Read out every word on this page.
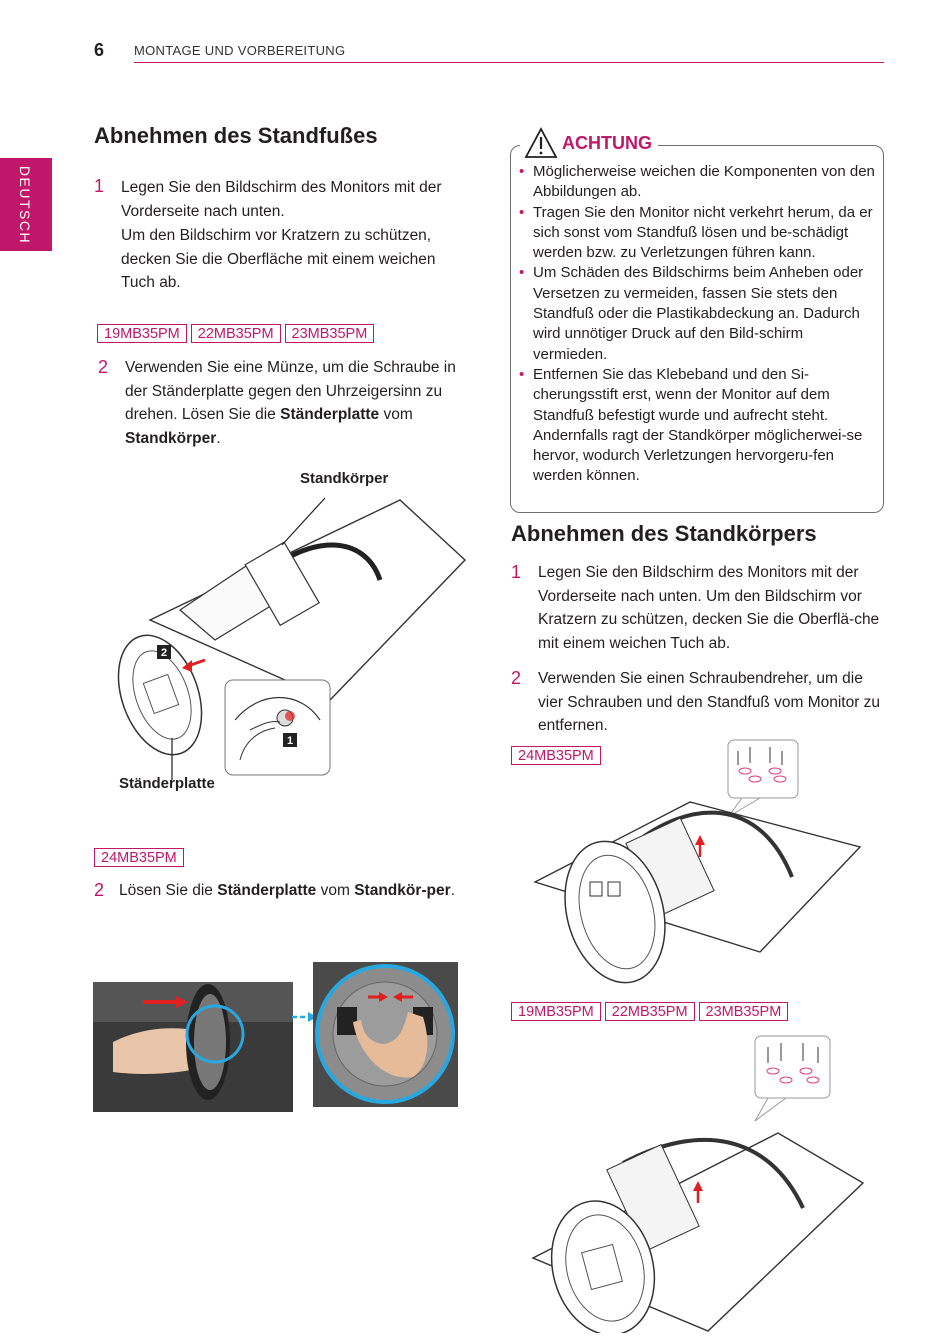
6 MONTAGE UND VORBEREITUNG
DEUTSCH
Abnehmen des Standfußes
1 Legen Sie den Bildschirm des Monitors mit der Vorderseite nach unten.
Um den Bildschirm vor Kratzern zu schützen, decken Sie die Oberfläche mit einem weichen Tuch ab.
19MB35PM	22MB35PM	23MB35PM
2 Verwenden Sie eine Münze, um die Schraube in der Ständerplatte gegen den Uhrzeigersinn zu drehen. Lösen Sie die Ständerplatte vom Standkörper.
Standkörper
2
1
Ständerplatte
24MB35PM
2 Lösen Sie die Ständerplatte vom Standkör-per.
• Möglicherweise weichen die Komponenten von den Abbildungen ab.
• Tragen Sie den Monitor nicht verkehrt herum, da er sich sonst vom Standfuß lösen und be-schädigt werden bzw. zu Verletzungen führen kann.
• Um Schäden des Bildschirms beim Anheben oder Versetzen zu vermeiden, fassen Sie stets den Standfuß oder die Plastikabdeckung an. Dadurch wird unnötiger Druck auf den Bild-schirm vermieden.
• Entfernen Sie das Klebeband und den Si-cherungsstift erst, wenn der Monitor auf dem Standfuß befestigt wurde und aufrecht steht. Andernfalls ragt der Standkörper möglicherwei-se hervor, wodurch Verletzungen hervorgeru-fen werden können.
ACHTUNG
Abnehmen des Standkörpers
1 Legen Sie den Bildschirm des Monitors mit der Vorderseite nach unten. Um den Bildschirm vor Kratzern zu schützen, decken Sie die Oberflä-che mit einem weichen Tuch ab.
2 Verwenden Sie einen Schraubendreher, um die vier Schrauben und den Standfuß vom Monitor zu entfernen.
24MB35PM
19MB35PM	22MB35PM	23MB35PM
